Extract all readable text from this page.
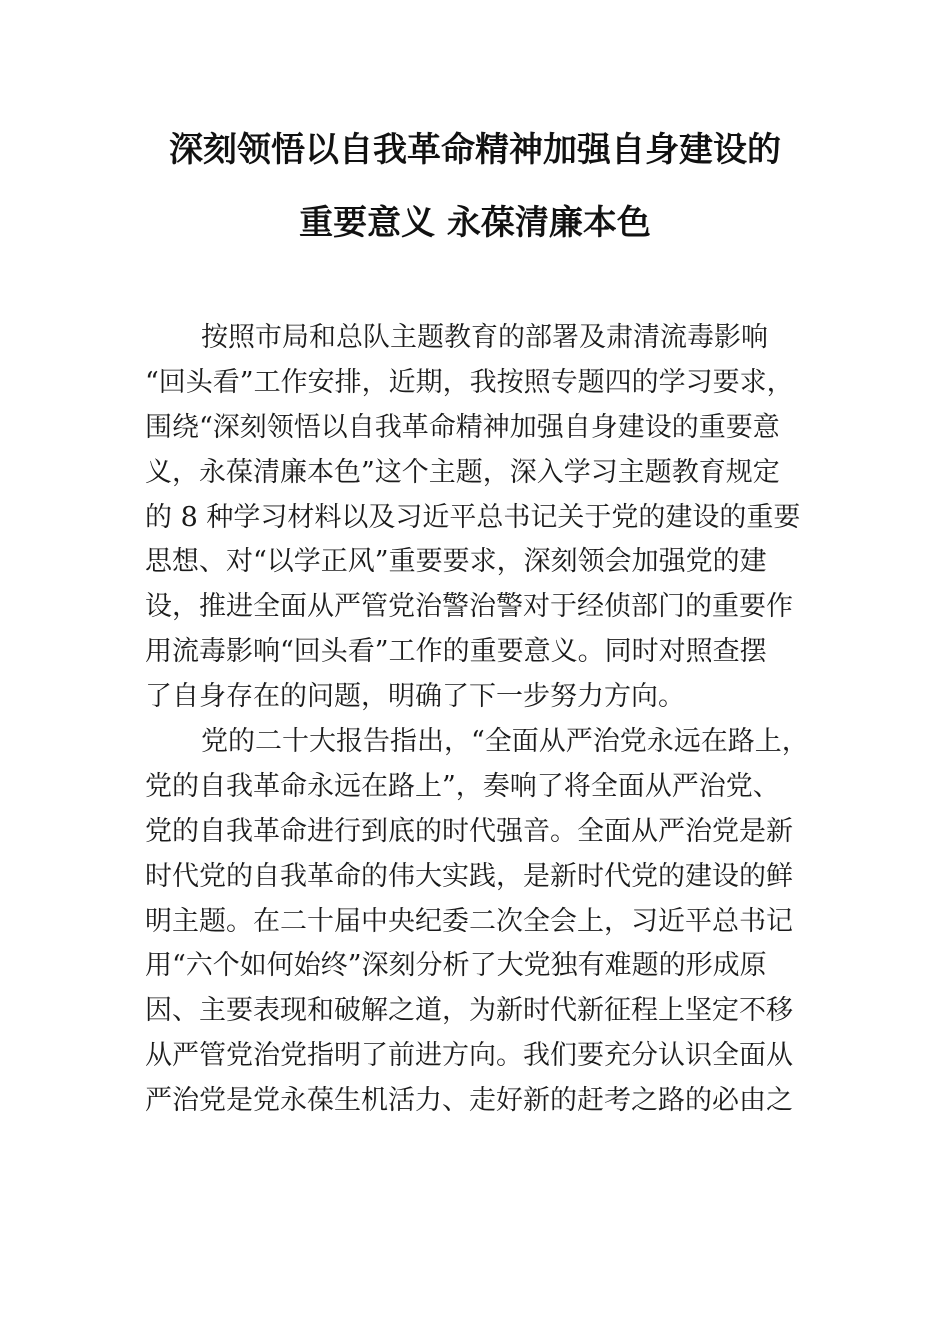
深刻领悟以自我革命精神加强自身建设的
重要意义 永葆清廉本色

按照市局和总队主题教育的部署及肃清流毒影响

“回头看”工作安排，近期，我按照专题四的学习要求，

围绕“深刻领悟以自我革命精神加强自身建设的重要意

义，永葆清廉本色”这个主题，深入学习主题教育规定

的 8 种学习材料以及习近平总书记关于党的建设的重要

思想、对“以学正风”重要要求，深刻领会加强党的建

设，推进全面从严管党治警治警对于经侦部门的重要作

用流毒影响“回头看”工作的重要意义。同时对照查摆

了自身存在的问题，明确了下一步努力方向。

党的二十大报告指出，“全面从严治党永远在路上，

党的自我革命永远在路上”，奏响了将全面从严治党、

党的自我革命进行到底的时代强音。全面从严治党是新

时代党的自我革命的伟大实践，是新时代党的建设的鲜

明主题。在二十届中央纪委二次全会上，习近平总书记

用“六个如何始终”深刻分析了大党独有难题的形成原

因、主要表现和破解之道，为新时代新征程上坚定不移

从严管党治党指明了前进方向。我们要充分认识全面从

严治党是党永葆生机活力、走好新的赶考之路的必由之
